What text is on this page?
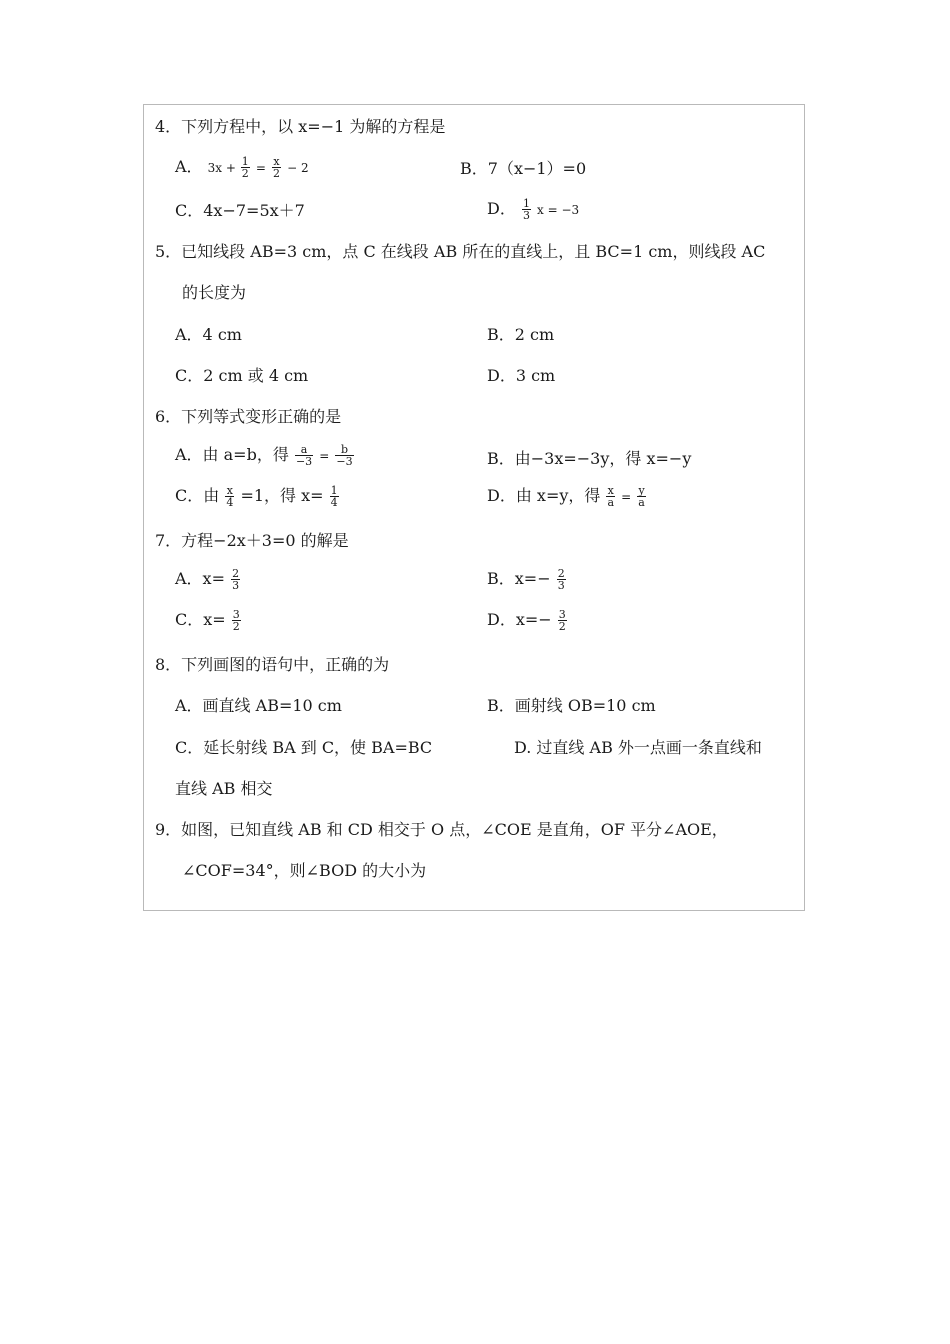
4．下列方程中，以 x=−1 为解的方程是
A． $3x + \frac{1}{2} = \frac{x}{2} - 2$	B．7（x−1）=0
C．4x−7=5x＋7	D． $\frac{1}{3}$ x = −3
5．已知线段 AB=3 cm，点 C 在线段 AB 所在的直线上，且 BC=1 cm，则线段 AC
的长度为
A．4 cm	B．2 cm
C．2 cm 或 4 cm	D．3 cm
6．下列等式变形正确的是
A．由 a=b，得 $\frac{a}{-3} = \frac{b}{-3}$	B．由−3x=−3y，得 x=−y
C．由 $\frac{x}{4} =1$，得 $x= \frac{1}{4}$	D．由 x=y，得 $\frac{x}{a} = \frac{y}{a}$
7．方程−2x＋3=0 的解是
A．$x= \frac{2}{3}$	B．$x=- \frac{2}{3}$
C．$x= \frac{3}{2}$	D．$x=- \frac{3}{2}$
8．下列画图的语句中，正确的为
A．画直线 AB=10 cm	B．画射线 OB=10 cm
C．延长射线 BA 到 C，使 BA=BC	D. 过直线 AB 外一点画一条直线和
直线 AB 相交
9．如图，已知直线 AB 和 CD 相交于 O 点，∠COE 是直角，OF 平分∠AOE，
∠COF=34°，则∠BOD 的大小为
